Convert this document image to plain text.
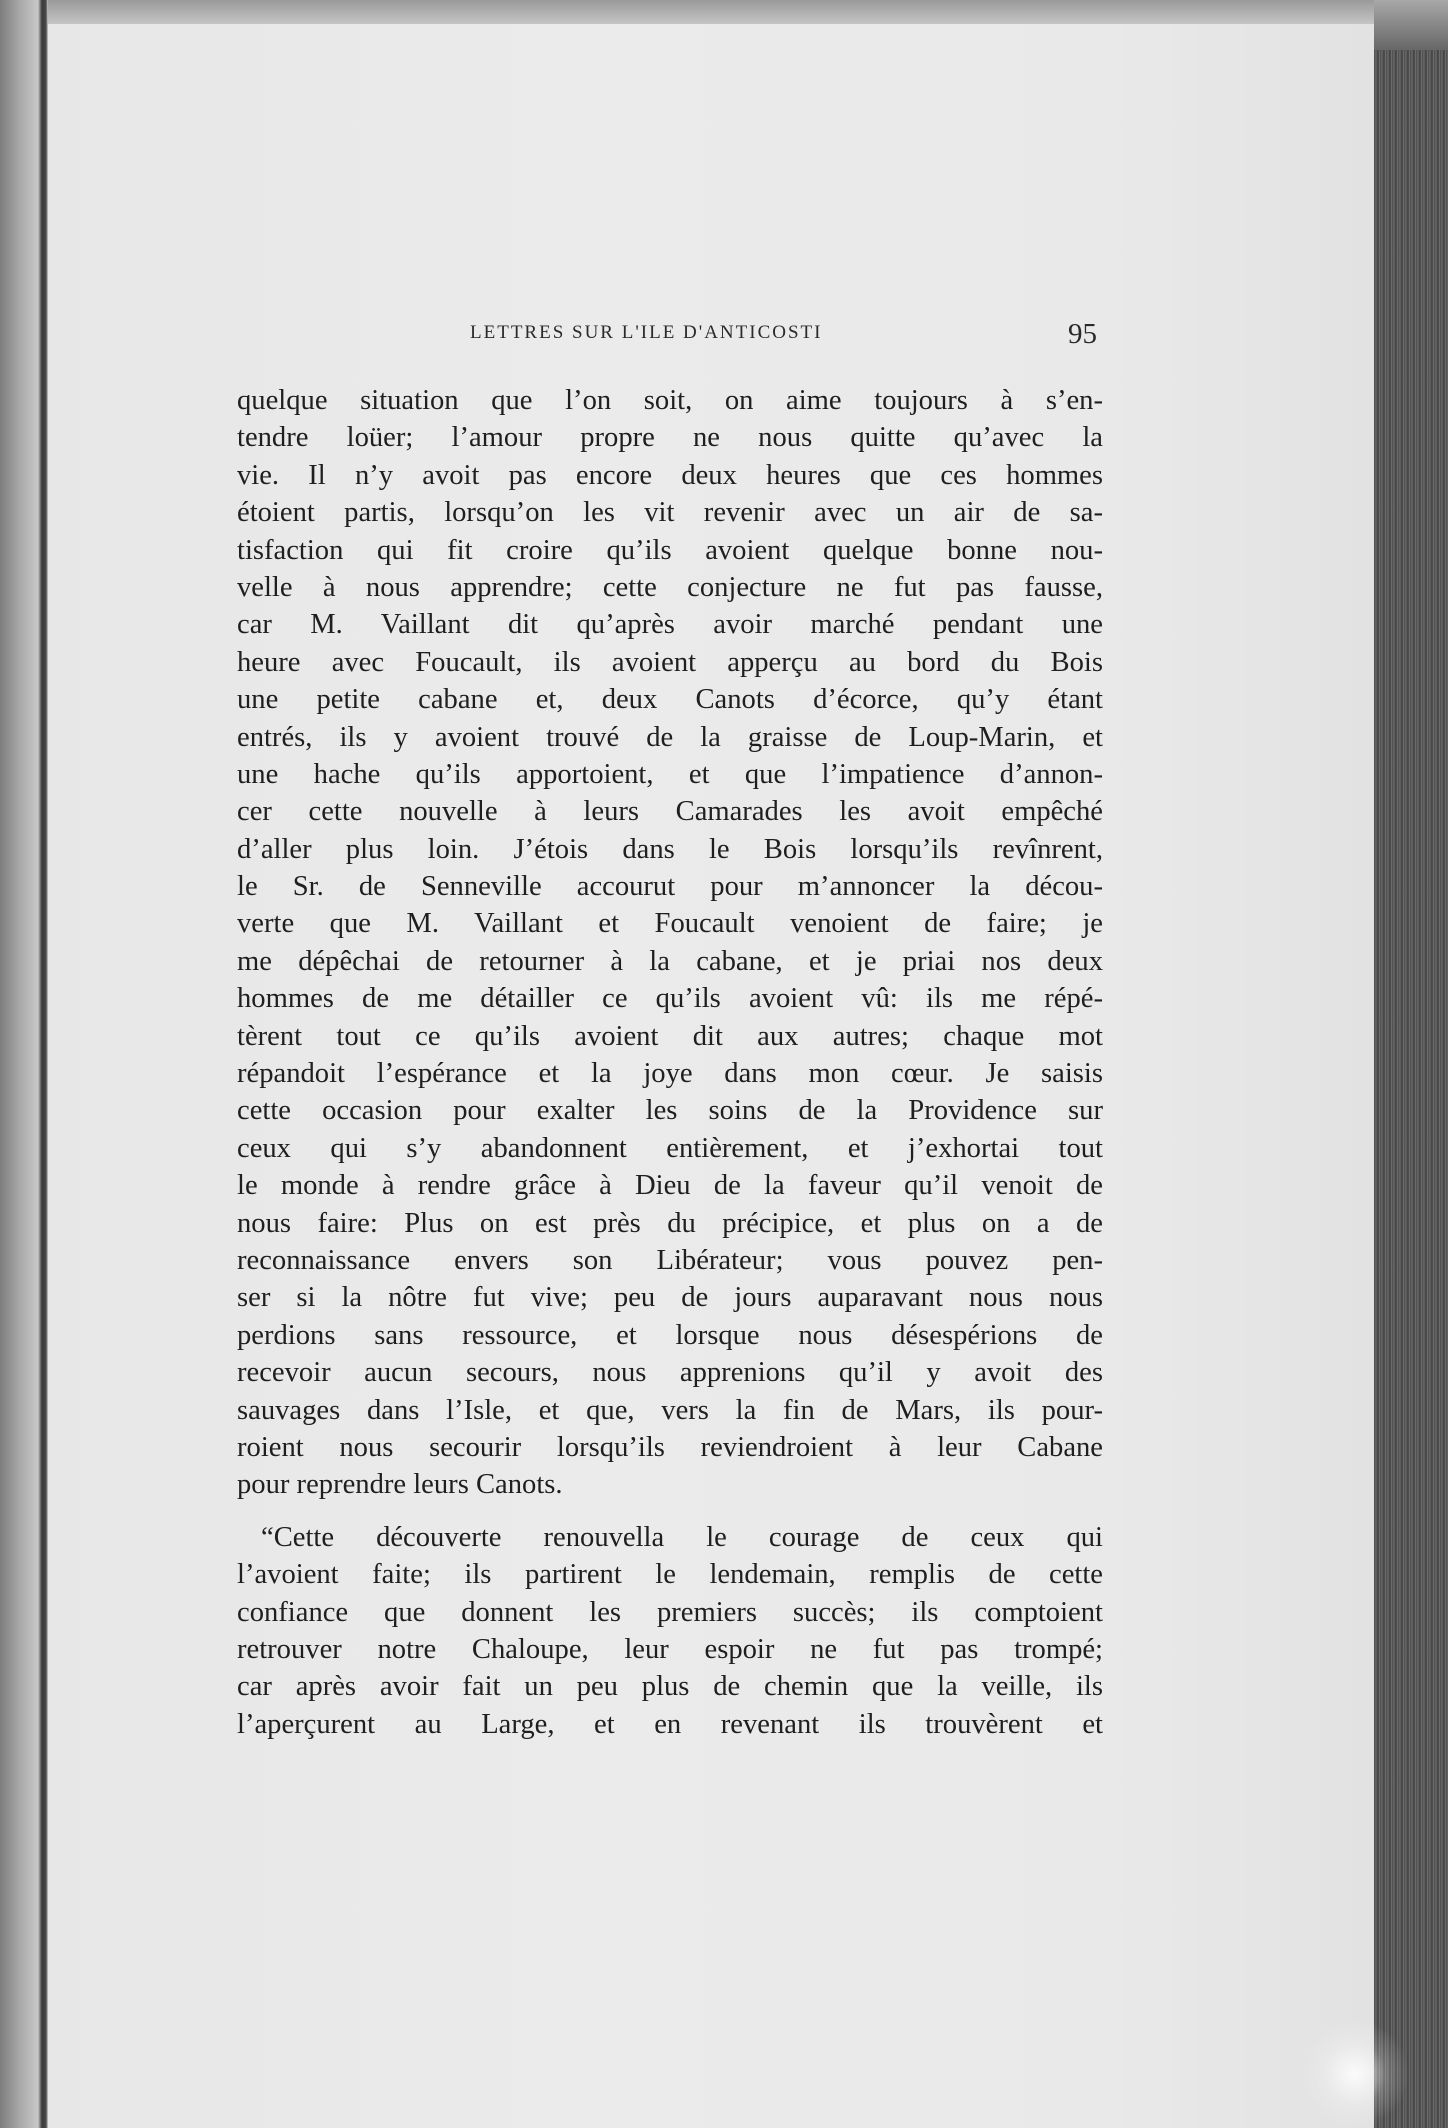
LETTRES SUR L'ILE D'ANTICOSTI	95
quelque situation que l’on soit, on aime toujours à s’en-
tendre loüer; l’amour propre ne nous quitte qu’avec la
vie. Il n’y avoit pas encore deux heures que ces hommes
étoient partis, lorsqu’on les vit revenir avec un air de sa-
tisfaction qui fit croire qu’ils avoient quelque bonne nou-
velle à nous apprendre; cette conjecture ne fut pas fausse,
car M. Vaillant dit qu’après avoir marché pendant une
heure avec Foucault, ils avoient apperçu au bord du Bois
une petite cabane et, deux Canots d’écorce, qu’y étant
entrés, ils y avoient trouvé de la graisse de Loup-Marin, et
une hache qu’ils apportoient, et que l’impatience d’annon-
cer cette nouvelle à leurs Camarades les avoit empêché
d’aller plus loin. J’étois dans le Bois lorsqu’ils revînrent,
le Sr. de Senneville accourut pour m’annoncer la décou-
verte que M. Vaillant et Foucault venoient de faire; je
me dépêchai de retourner à la cabane, et je priai nos deux
hommes de me détailler ce qu’ils avoient vû: ils me répé-
tèrent tout ce qu’ils avoient dit aux autres; chaque mot
répandoit l’espérance et la joye dans mon cœur. Je saisis
cette occasion pour exalter les soins de la Providence sur
ceux qui s’y abandonnent entièrement, et j’exhortai tout
le monde à rendre grâce à Dieu de la faveur qu’il venoit de
nous faire: Plus on est près du précipice, et plus on a de
reconnaissance envers son Libérateur; vous pouvez pen-
ser si la nôtre fut vive; peu de jours auparavant nous nous
perdions sans ressource, et lorsque nous désespérions de
recevoir aucun secours, nous apprenions qu’il y avoit des
sauvages dans l’Isle, et que, vers la fin de Mars, ils pour-
roient nous secourir lorsqu’ils reviendroient à leur Cabane
pour reprendre leurs Canots.
“Cette découverte renouvella le courage de ceux qui
l’avoient faite; ils partirent le lendemain, remplis de cette
confiance que donnent les premiers succès; ils comptoient
retrouver notre Chaloupe, leur espoir ne fut pas trompé;
car après avoir fait un peu plus de chemin que la veille, ils
l’aperçurent au Large, et en revenant ils trouvèrent et
